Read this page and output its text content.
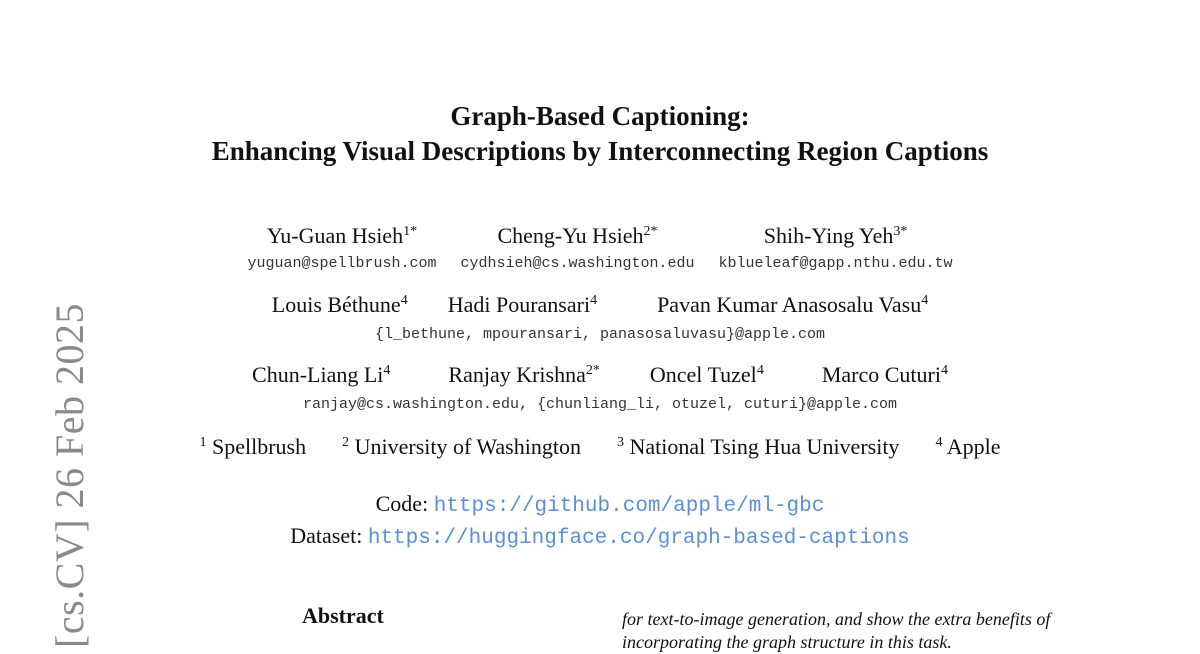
[cs.CV] 26 Feb 2025
Graph-Based Captioning:
Enhancing Visual Descriptions by Interconnecting Region Captions
Yu-Guan Hsieh$^{1*}$
yuguan@spellbrush.com
Cheng-Yu Hsieh$^{2*}$
cydhsieh@cs.washington.edu
Shih-Ying Yeh$^{3*}$
kblueleaf@gapp.nthu.edu.tw
Louis Béthune$^4$ Hadi Pouransari$^4$	Pavan Kumar Anasosalu Vasu$^4$
{l_bethune, mpouransari, panasosaluvasu}@apple.com
Chun-Liang Li$^4$	Ranjay Krishna$^{2*}$ Oncel Tuzel$^4$	Marco Cuturi$^4$
ranjay@cs.washington.edu, {chunliang_li, otuzel, cuturi}@apple.com
$^1$ Spellbrush	$^2$ University of Washington	$^3$ National Tsing Hua University	$^4$ Apple
Code: https://github.com/apple/ml-gbc
Dataset: https://huggingface.co/graph-based-captions
Abstract	for text-to-image generation, and show the extra benefits of
incorporating the graph structure in this task.
